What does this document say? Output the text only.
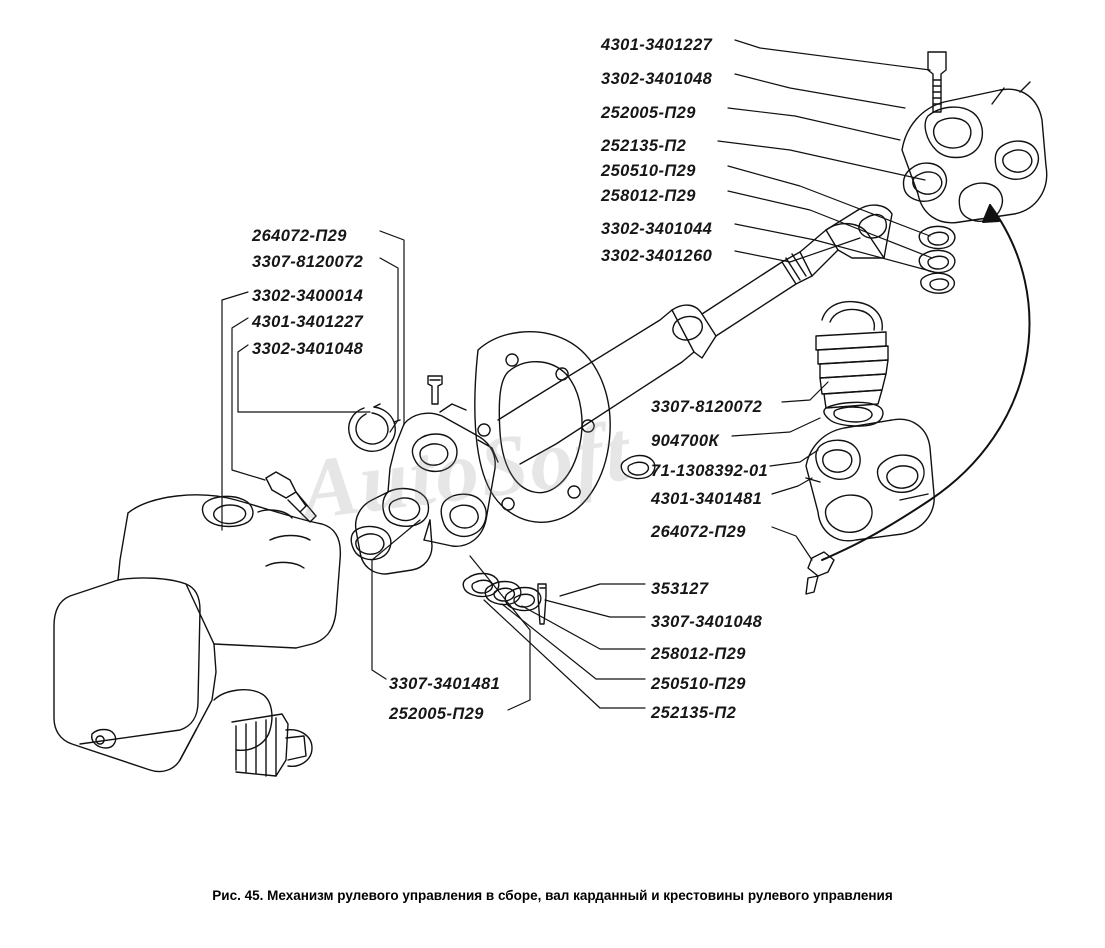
4301-3401227
3302-3401048
252005-П29
252135-П2
250510-П29
258012-П29
3302-3401044
3302-3401260
264072-П29
3307-8120072
3302-3400014
4301-3401227
3302-3401048
3307-8120072
904700К
71-1308392-01
4301-3401481
264072-П29
353127
3307-3401048
258012-П29
250510-П29
252135-П2
3307-3401481
252005-П29
AutoSoft
Рис. 45. Механизм рулевого управления в сборе, вал карданный и крестовины рулевого управления
